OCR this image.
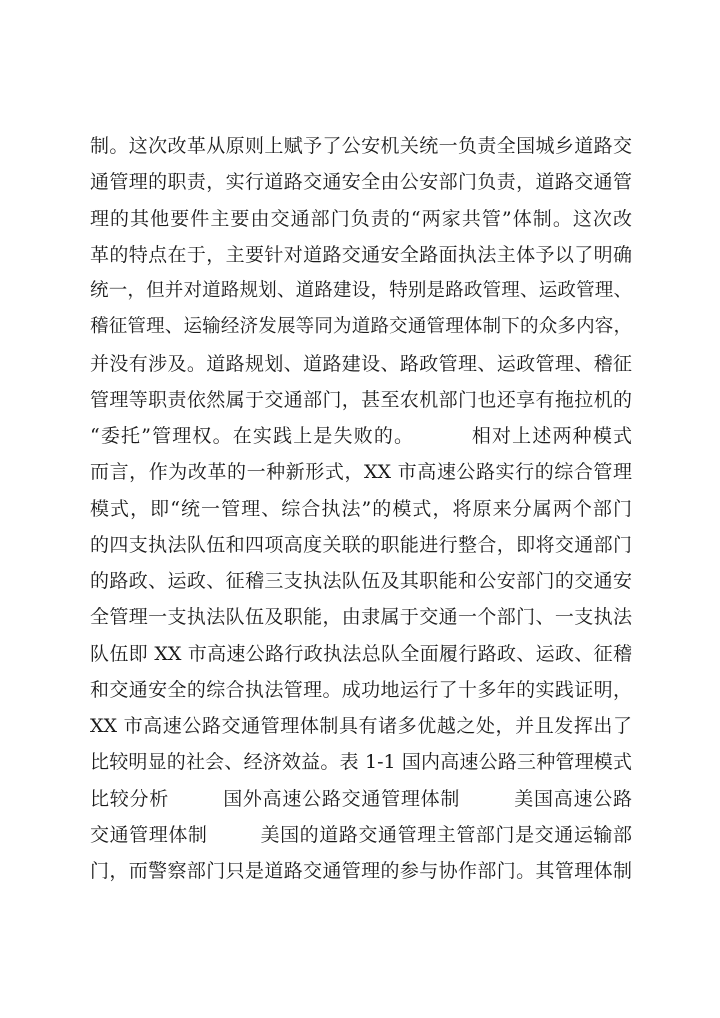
制。这次改革从原则上赋予了公安机关统一负责全国城乡道路交
通管理的职责，实行道路交通安全由公安部门负责，道路交通管
理的其他要件主要由交通部门负责的“两家共管”体制。这次改
革的特点在于，主要针对道路交通安全路面执法主体予以了明确
统一，但并对道路规划、道路建设，特别是路政管理、运政管理、
稽征管理、运输经济发展等同为道路交通管理体制下的众多内容，
并没有涉及。道路规划、道路建设、路政管理、运政管理、稽征
管理等职责依然属于交通部门，甚至农机部门也还享有拖拉机的
“委托”管理权。在实践上是失败的。        相对上述两种模式
而言，作为改革的一种新形式，XX 市高速公路实行的综合管理
模式，即“统一管理、综合执法”的模式，将原来分属两个部门
的四支执法队伍和四项高度关联的职能进行整合，即将交通部门
的路政、运政、征稽三支执法队伍及其职能和公安部门的交通安
全管理一支执法队伍及职能，由隶属于交通一个部门、一支执法
队伍即 XX 市高速公路行政执法总队全面履行路政、运政、征稽
和交通安全的综合执法管理。成功地运行了十多年的实践证明，
XX 市高速公路交通管理体制具有诸多优越之处，并且发挥出了
比较明显的社会、经济效益。表 1-1 国内高速公路三种管理模式
比较分析        国外高速公路交通管理体制        美国高速公路
交通管理体制        美国的道路交通管理主管部门是交通运输部
门，而警察部门只是道路交通管理的参与协作部门。其管理体制
